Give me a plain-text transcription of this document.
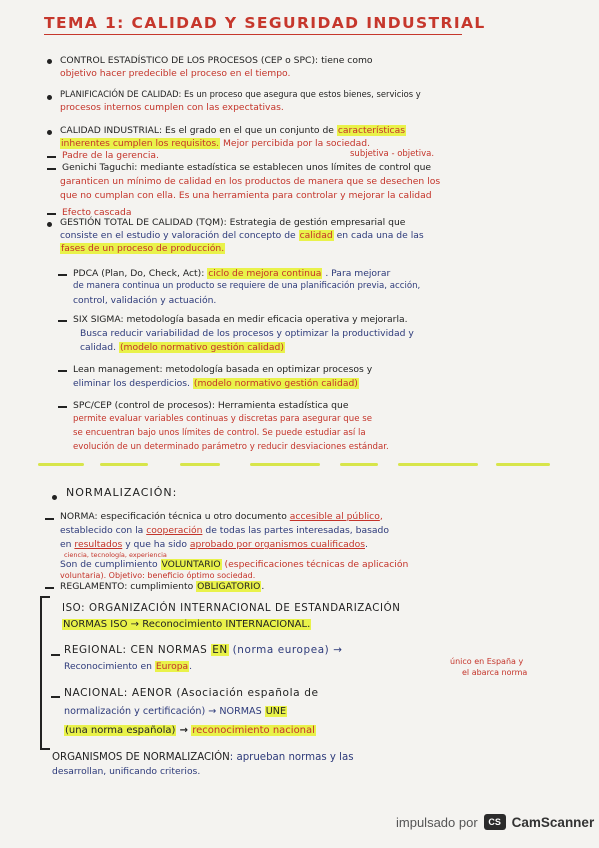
TEMA 1: CALIDAD Y SEGURIDAD INDUSTRIAL
CONTROL ESTADÍSTICO DE LOS PROCESOS (CEP o SPC): tiene como
objetivo hacer predecible el proceso en el tiempo.
PLANIFICACIÓN DE CALIDAD: Es un proceso que asegura que estos bienes, servicios y
procesos internos cumplen con las expectativas.
CALIDAD INDUSTRIAL: Es el grado en el que un conjunto de características
inherentes cumplen los requisitos. Mejor percibida por la sociedad.
subjetiva - objetiva.
Padre de la gerencia.
Genichi Taguchi: mediante estadística se establecen unos límites de control que
garanticen un mínimo de calidad en los productos de manera que se desechen los
que no cumplan con ella. Es una herramienta para controlar y mejorar la calidad
Efecto cascada
GESTIÓN TOTAL DE CALIDAD (TQM): Estrategia de gestión empresarial que
consiste en el estudio y valoración del concepto de calidad en cada una de las
fases de un proceso de producción.
PDCA (Plan, Do, Check, Act): ciclo de mejora continua . Para mejorar
de manera continua un producto se requiere de una planificación previa, acción,
control, validación y actuación.
SIX SIGMA: metodología basada en medir eficacia operativa y mejorarla.
Busca reducir variabilidad de los procesos y optimizar la productividad y
calidad. (modelo normativo gestión calidad)
Lean management: metodología basada en optimizar procesos y
eliminar los desperdicios. (modelo normativo gestión calidad)
SPC/CEP (control de procesos): Herramienta estadística que
permite evaluar variables continuas y discretas para asegurar que se
se encuentran bajo unos límites de control. Se puede estudiar así la
evolución de un determinado parámetro y reducir desviaciones estándar.
NORMALIZACIÓN:
NORMA: especificación técnica u otro documento accesible al público,
establecido con la cooperación de todas las partes interesadas, basado
en resultados y que ha sido aprobado por organismos cualificados.
ciencia, tecnología, experiencia
Son de cumplimiento VOLUNTARIO (especificaciones técnicas de aplicación
voluntaria). Objetivo: beneficio óptimo sociedad.
REGLAMENTO: cumplimiento OBLIGATORIO.
ISO: ORGANIZACIÓN INTERNACIONAL DE ESTANDARIZACIÓN
NORMAS ISO → Reconocimiento INTERNACIONAL.
REGIONAL: CEN NORMAS EN (norma europea) →
Reconocimiento en Europa.	único en España y
el abarca norma
NACIONAL: AENOR (Asociación española de
normalización y certificación) → NORMAS UNE
(una norma española) → reconocimiento nacional
ORGANISMOS DE NORMALIZACIÓN: aprueban normas y las
desarrollan, unificando criterios.
impulsado por	CS CamScanner
